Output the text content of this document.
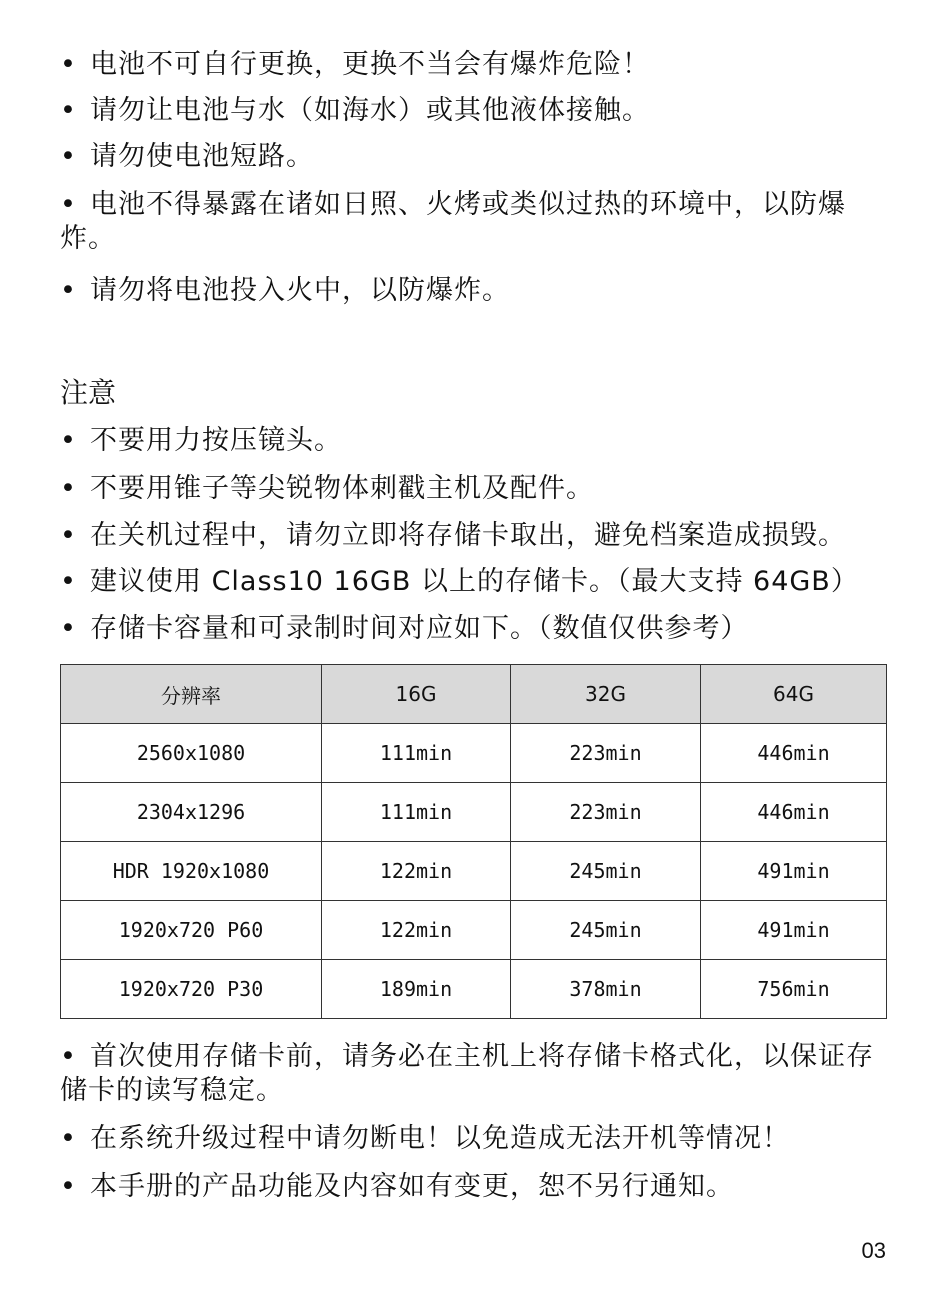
• 电池不可自行更换，更换不当会有爆炸危险！
• 请勿让电池与水（如海水）或其他液体接触。
• 请勿使电池短路。
• 电池不得暴露在诸如日照、火烤或类似过热的环境中，以防爆炸。
• 请勿将电池投入火中，以防爆炸。
注意
• 不要用力按压镜头。
• 不要用锥子等尖锐物体刺戳主机及配件。
• 在关机过程中，请勿立即将存储卡取出，避免档案造成损毁。
• 建议使用 Class10 16GB 以上的存储卡。（最大支持 64GB）
• 存储卡容量和可录制时间对应如下。（数值仅供参考）
分辨率	16G	32G	64G
2560x1080	111min	223min	446min
2304x1296	111min	223min	446min
HDR 1920x1080	122min	245min	491min
1920x720 P60	122min	245min	491min
1920x720 P30	189min	378min	756min
• 首次使用存储卡前，请务必在主机上将存储卡格式化，以保证存储卡的读写稳定。
• 在系统升级过程中请勿断电！以免造成无法开机等情况！
• 本手册的产品功能及内容如有变更，恕不另行通知。
03
